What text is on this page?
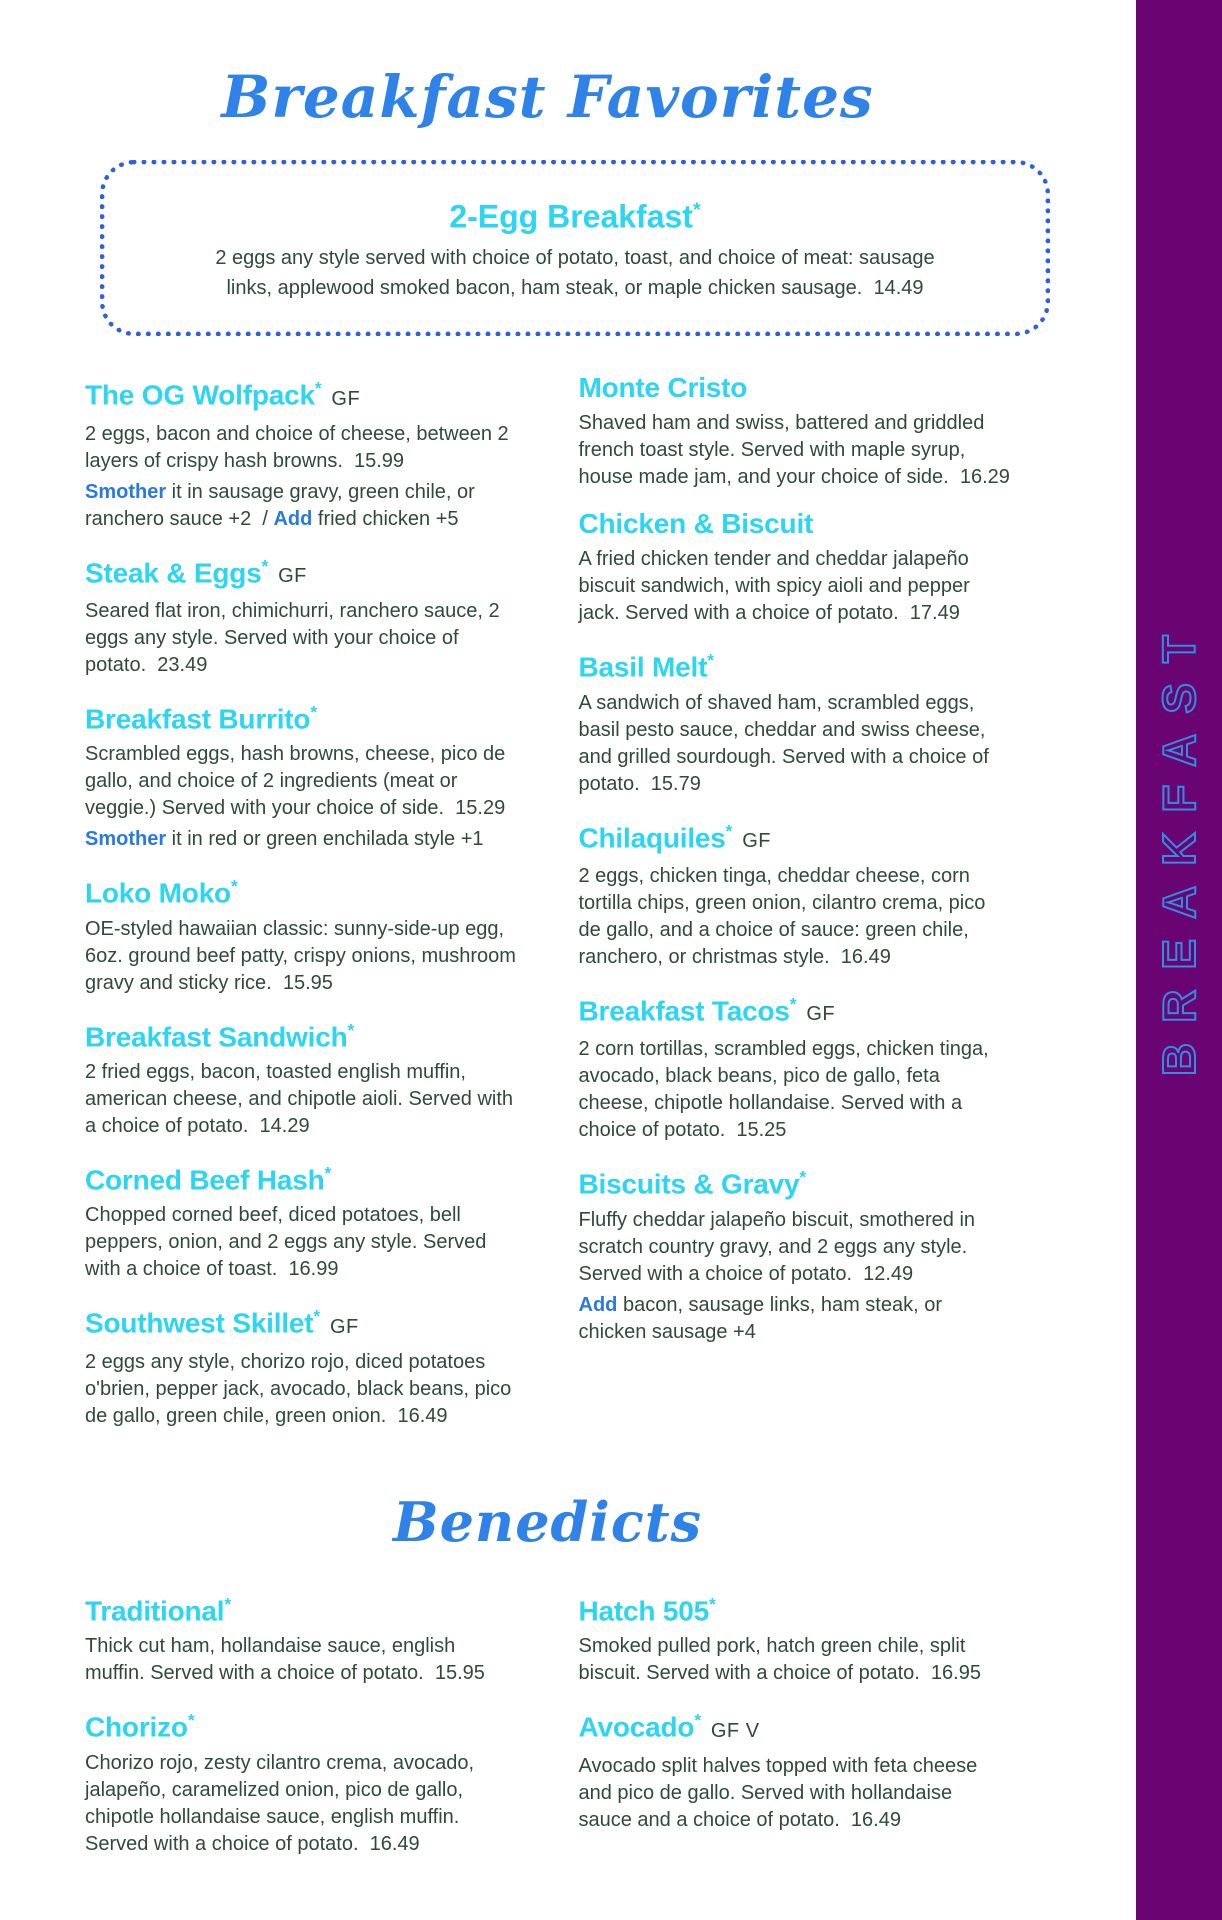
BREAKFAST
Breakfast Favorites
2-Egg Breakfast*

2 eggs any style served with choice of potato, toast, and choice of meat: sausage links, applewood smoked bacon, ham steak, or maple chicken sausage.  14.49

The OG Wolfpack* GF

2 eggs, bacon and choice of cheese, between 2 layers of crispy hash browns.  15.99

Smother it in sausage gravy, green chile, or ranchero sauce +2  / Add fried chicken +5

Steak & Eggs* GF

Seared flat iron, chimichurri, ranchero sauce, 2 eggs any style. Served with your choice of potato.  23.49

Breakfast Burrito*

Scrambled eggs, hash browns, cheese, pico de gallo, and choice of 2 ingredients (meat or veggie.) Served with your choice of side.  15.29

Smother it in red or green enchilada style +1

Loko Moko*

OE-styled hawaiian classic: sunny-side-up egg, 6oz. ground beef patty, crispy onions, mushroom gravy and sticky rice.  15.95

Breakfast Sandwich*

2 fried eggs, bacon, toasted english muffin, american cheese, and chipotle aioli. Served with a choice of potato.  14.29

Corned Beef Hash*

Chopped corned beef, diced potatoes, bell peppers, onion, and 2 eggs any style. Served with a choice of toast.  16.99

Southwest Skillet* GF

2 eggs any style, chorizo rojo, diced potatoes o'brien, pepper jack, avocado, black beans, pico de gallo, green chile, green onion.  16.49

Monte Cristo

Shaved ham and swiss, battered and griddled french toast style. Served with maple syrup, house made jam, and your choice of side.  16.29

Chicken & Biscuit

A fried chicken tender and cheddar jalapeño biscuit sandwich, with spicy aioli and pepper jack. Served with a choice of potato.  17.49

Basil Melt*

A sandwich of shaved ham, scrambled eggs, basil pesto sauce, cheddar and swiss cheese, and grilled sourdough. Served with a choice of potato.  15.79

Chilaquiles* GF

2 eggs, chicken tinga, cheddar cheese, corn tortilla chips, green onion, cilantro crema, pico de gallo, and a choice of sauce: green chile, ranchero, or christmas style.  16.49

Breakfast Tacos* GF

2 corn tortillas, scrambled eggs, chicken tinga, avocado, black beans, pico de gallo, feta cheese, chipotle hollandaise. Served with a choice of potato.  15.25

Biscuits & Gravy*

Fluffy cheddar jalapeño biscuit, smothered in scratch country gravy, and 2 eggs any style. Served with a choice of potato.  12.49

Add bacon, sausage links, ham steak, or chicken sausage +4

Benedicts
Traditional*

Thick cut ham, hollandaise sauce, english muffin. Served with a choice of potato.  15.95

Chorizo*

Chorizo rojo, zesty cilantro crema, avocado, jalapeño, caramelized onion, pico de gallo, chipotle hollandaise sauce, english muffin. Served with a choice of potato.  16.49

Hatch 505*

Smoked pulled pork, hatch green chile, split biscuit. Served with a choice of potato.  16.95

Avocado* GF V

Avocado split halves topped with feta cheese and pico de gallo. Served with hollandaise sauce and a choice of potato.  16.49
